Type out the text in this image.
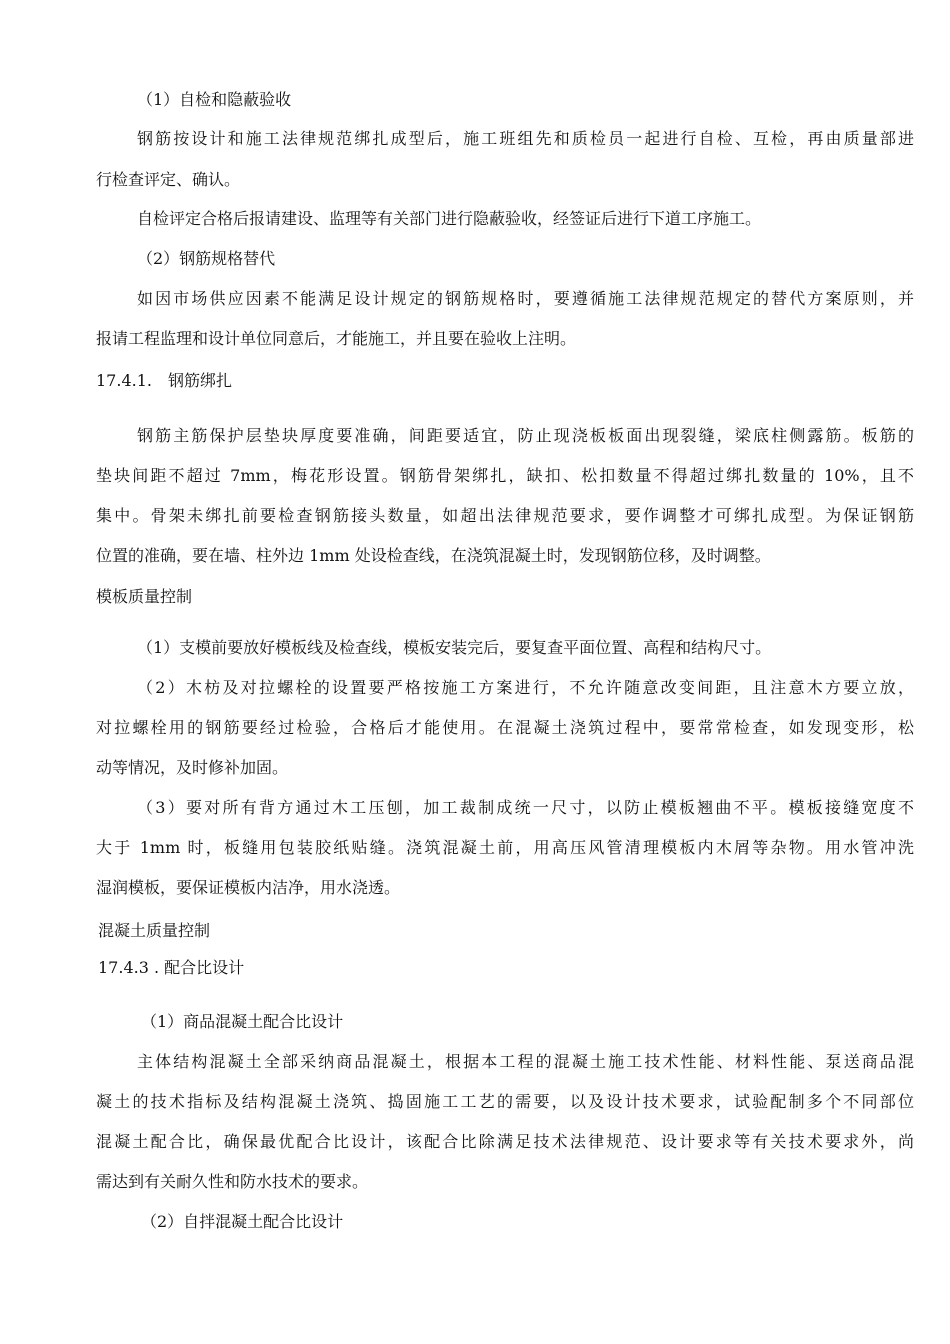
（1）自检和隐蔽验收
钢筋按设计和施工法律规范绑扎成型后，施工班组先和质检员一起进行自检、互检，再由质量部进
行检查评定、确认。
自检评定合格后报请建设、监理等有关部门进行隐蔽验收，经签证后进行下道工序施工。
（2）钢筋规格替代
如因市场供应因素不能满足设计规定的钢筋规格时，要遵循施工法律规范规定的替代方案原则，并
报请工程监理和设计单位同意后，才能施工，并且要在验收上注明。
17.4.1.　钢筋绑扎
钢筋主筋保护层垫块厚度要准确，间距要适宜，防止现浇板板面出现裂缝，梁底柱侧露筋。板筋的
垫块间距不超过 7mm，梅花形设置。钢筋骨架绑扎，缺扣、松扣数量不得超过绑扎数量的 10%，且不
集中。骨架未绑扎前要检查钢筋接头数量，如超出法律规范要求，要作调整才可绑扎成型。为保证钢筋
位置的准确，要在墙、柱外边 1mm 处设检查线，在浇筑混凝土时，发现钢筋位移，及时调整。
模板质量控制
（1）支模前要放好模板线及检查线，模板安装完后，要复查平面位置、高程和结构尺寸。
（2）木枋及对拉螺栓的设置要严格按施工方案进行，不允许随意改变间距，且注意木方要立放，
对拉螺栓用的钢筋要经过检验，合格后才能使用。在混凝土浇筑过程中，要常常检查，如发现变形，松
动等情况，及时修补加固。
（3）要对所有背方通过木工压刨，加工裁制成统一尺寸，以防止模板翘曲不平。模板接缝宽度不
大于 1mm 时，板缝用包装胶纸贴缝。浇筑混凝土前，用高压风管清理模板内木屑等杂物。用水管冲洗
湿润模板，要保证模板内洁净，用水浇透。
混凝土质量控制
17.4.3 . 配合比设计
（1）商品混凝土配合比设计
主体结构混凝土全部采纳商品混凝土，根据本工程的混凝土施工技术性能、材料性能、泵送商品混
凝土的技术指标及结构混凝土浇筑、捣固施工工艺的需要，以及设计技术要求，试验配制多个不同部位
混凝土配合比，确保最优配合比设计，该配合比除满足技术法律规范、设计要求等有关技术要求外，尚
需达到有关耐久性和防水技术的要求。
（2）自拌混凝土配合比设计
